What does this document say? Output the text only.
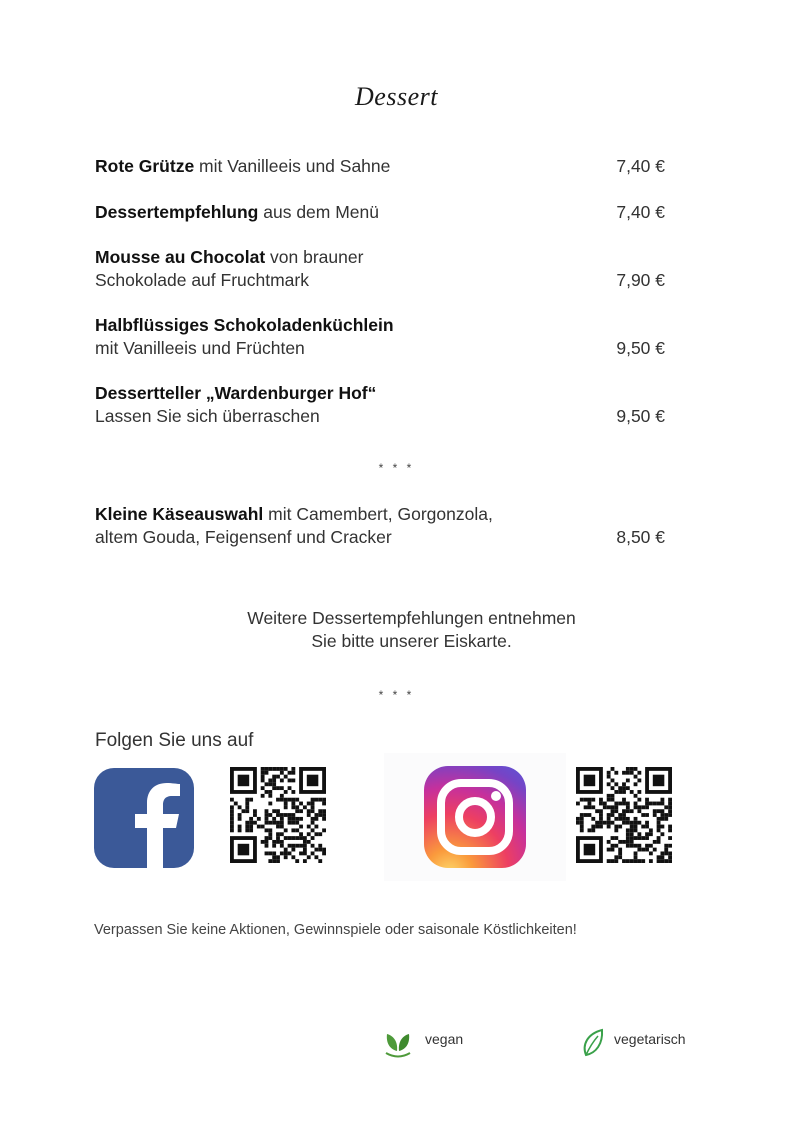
Dessert
Rote Grütze mit Vanilleeis und Sahne	7,40 €
Dessertempfehlung aus dem Menü	7,40 €
Mousse au Chocolat von brauner
Schokolade auf Fruchtmark	7,90 €
Halbflüssiges Schokoladenküchlein
mit Vanilleeis und Früchten	9,50 €
Dessertteller „Wardenburger Hof“
Lassen Sie sich überraschen	9,50 €
* * *
Kleine Käseauswahl mit Camembert, Gorgonzola,
altem Gouda, Feigensenf und Cracker	8,50 €
Weitere Dessertempfehlungen entnehmen
Sie bitte unserer Eiskarte.
* * *
Folgen Sie uns auf
Verpassen Sie keine Aktionen, Gewinnspiele oder saisonale Köstlichkeiten!
vegan	vegetarisch
